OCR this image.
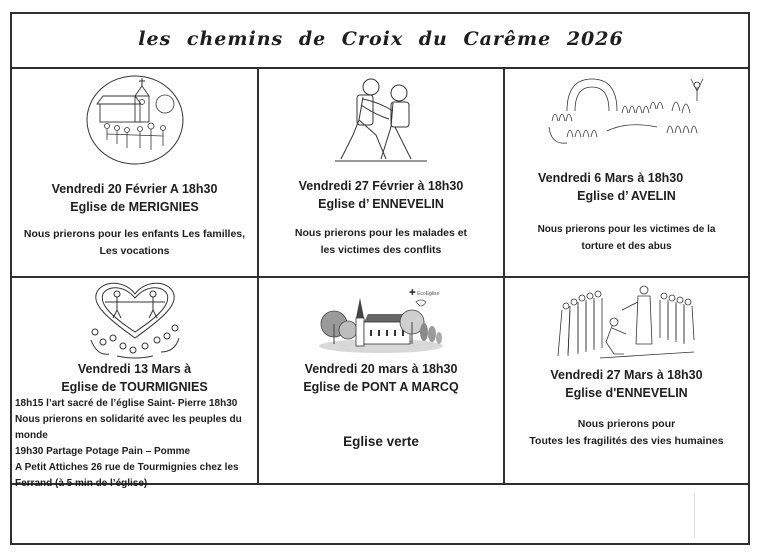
les chemins de Croix du Carême 2026
Vendredi 20 Février A 18h30
Eglise de MERIGNIES
Nous prierons pour les enfants Les familles,
Les vocations
Vendredi 27 Février à 18h30
Eglise d’ ENNEVELIN
Nous prierons pour les malades et
les victimes des conflits
Vendredi 6 Mars à 18h30
Eglise d’ AVELIN
Nous prierons pour les victimes de la
torture et des abus
Vendredi 13 Mars à
Eglise de TOURMIGNIES
18h15 l’art sacré de l’église Saint- Pierre 18h30
Nous prierons en solidarité avec les peuples du
monde
19h30 Partage Potage Pain – Pomme
A Petit Attiches 26 rue de Tourmignies chez les
Ferrand (à 5 min de l’église)
✚ EcoEglise
Vendredi 20 mars à 18h30
Eglise de PONT A MARCQ
Eglise verte
Vendredi 27 Mars à 18h30
Eglise d'ENNEVELIN
Nous prierons pour
Toutes les fragilités des vies humaines
